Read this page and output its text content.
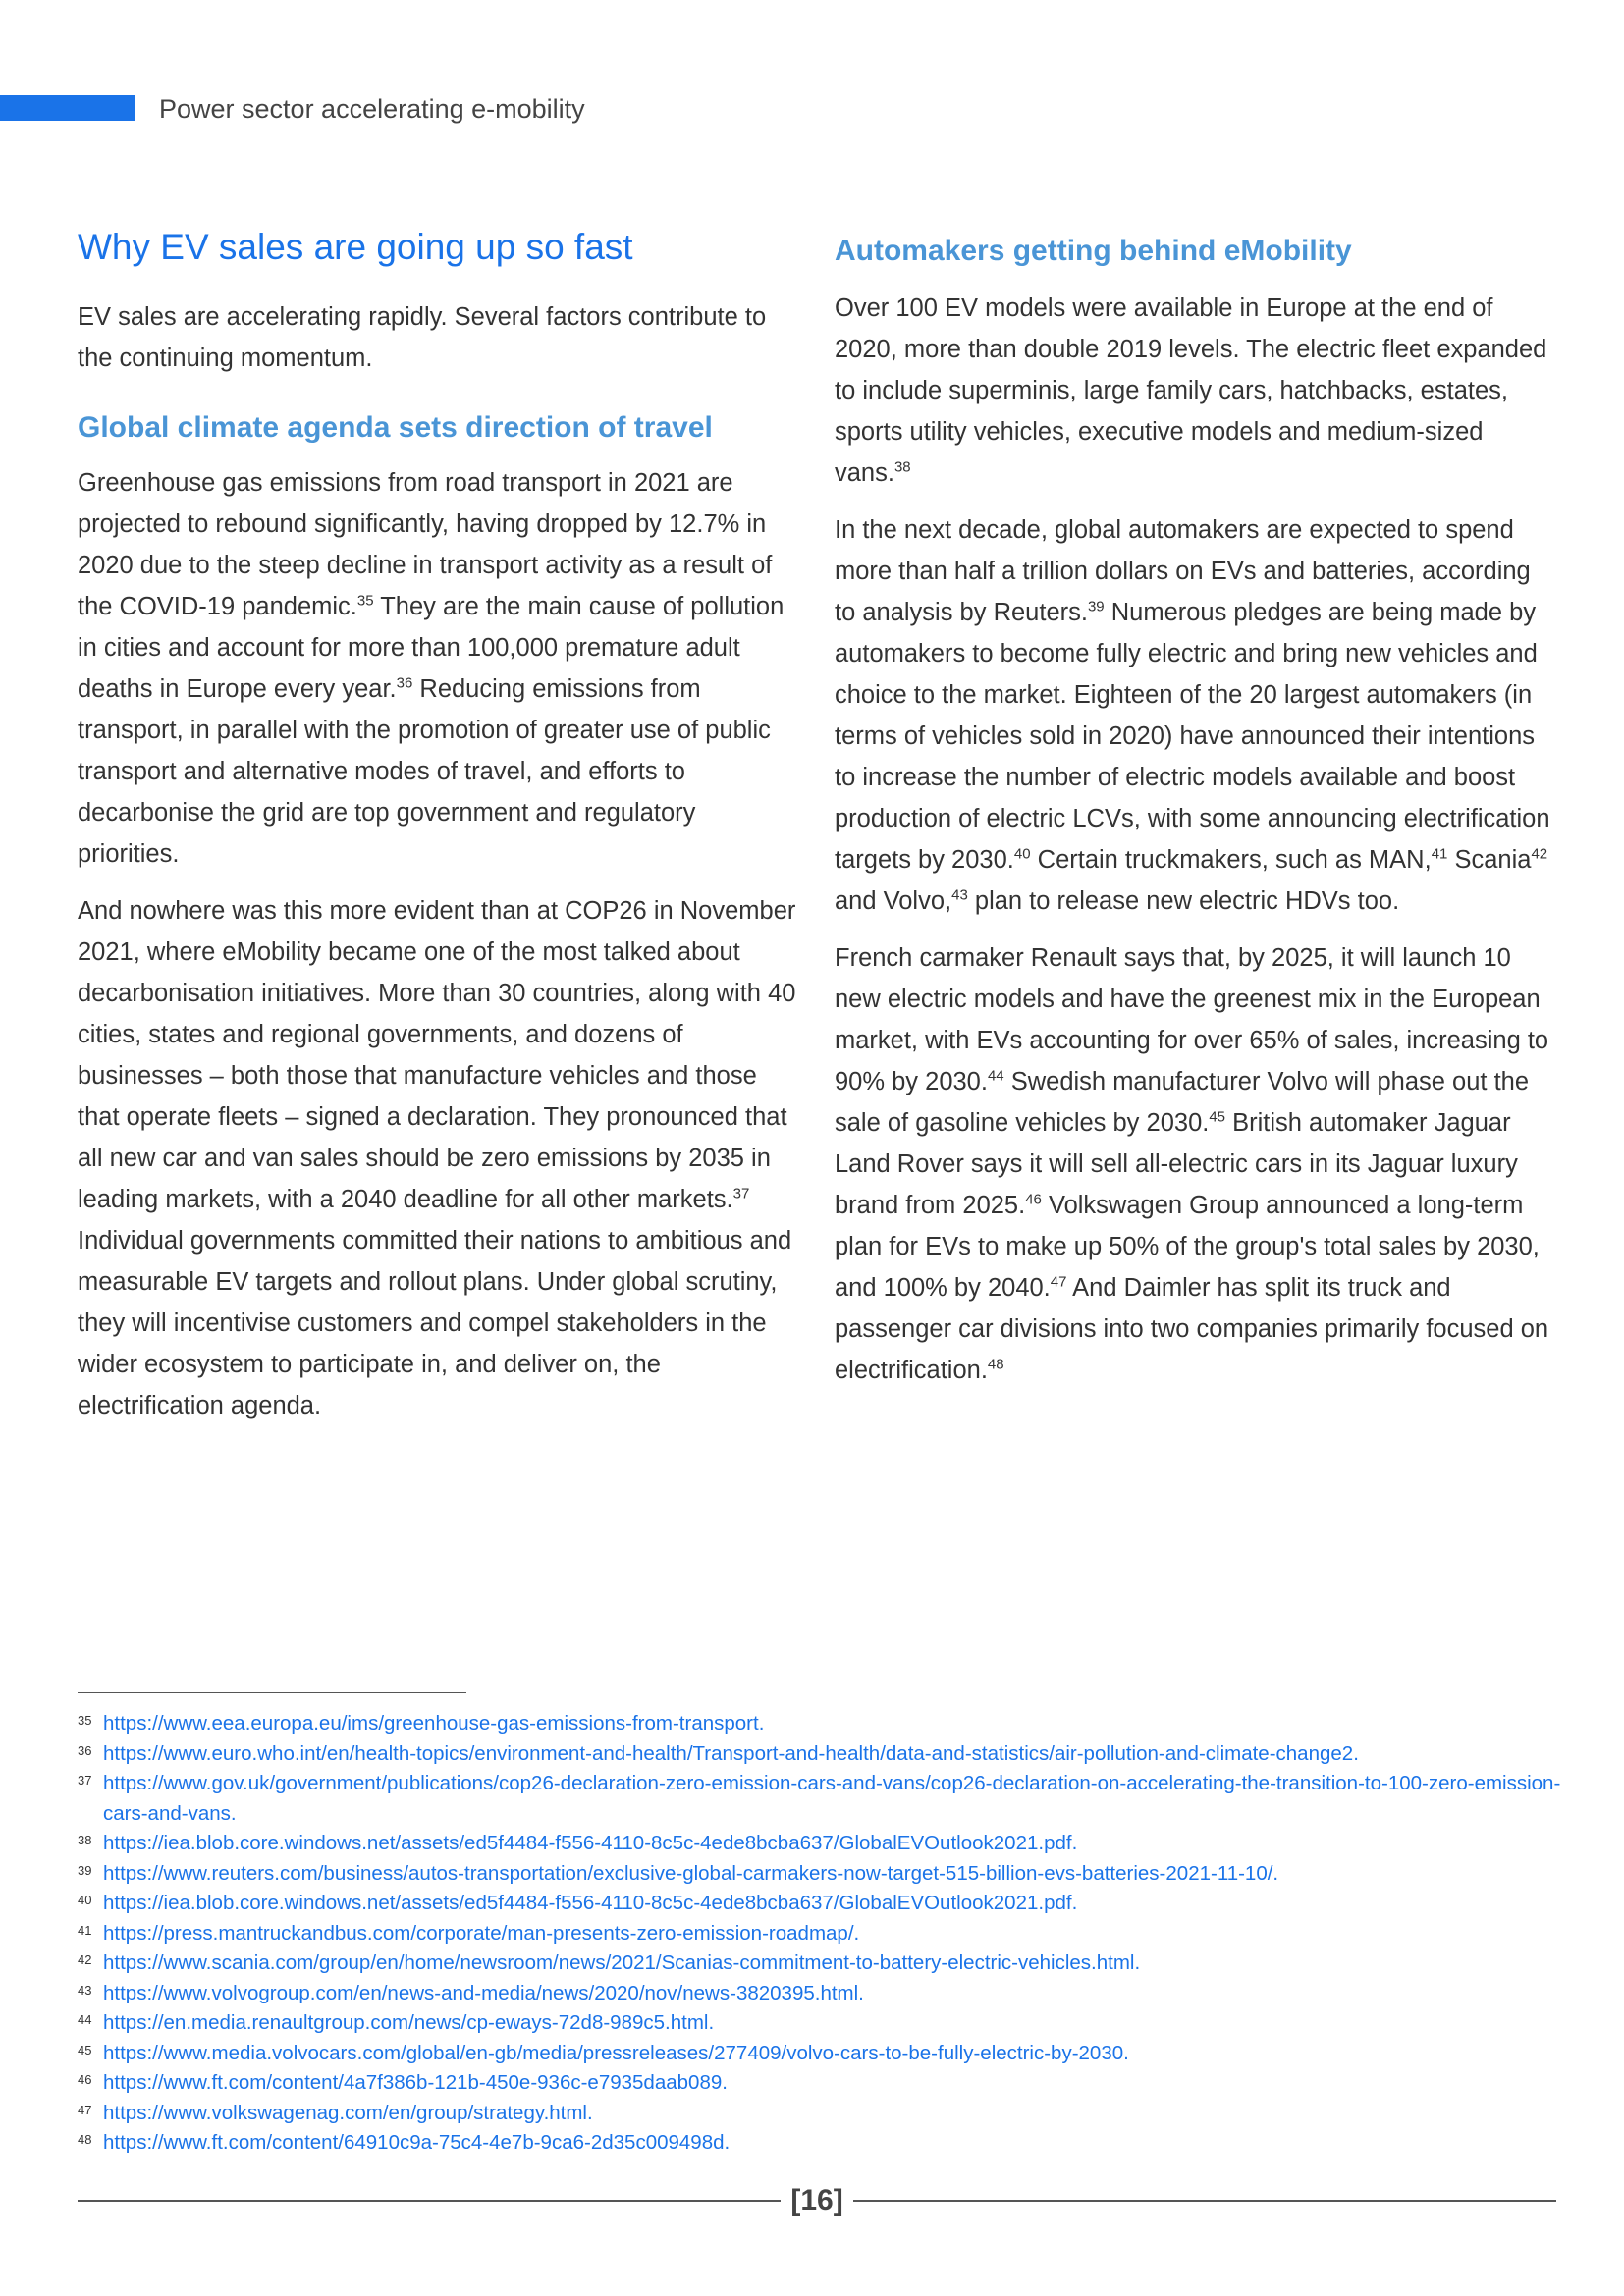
Power sector accelerating e-mobility
Why EV sales are going up so fast

EV sales are accelerating rapidly. Several factors contribute to the continuing momentum.

Global climate agenda sets direction of travel

Greenhouse gas emissions from road transport in 2021 are projected to rebound significantly, having dropped by 12.7% in 2020 due to the steep decline in transport activity as a result of the COVID-19 pandemic.$^{35}$ They are the main cause of pollution in cities and account for more than 100,000 premature adult deaths in Europe every year.$^{36}$ Reducing emissions from transport, in parallel with the promotion of greater use of public transport and alternative modes of travel, and efforts to decarbonise the grid are top government and regulatory priorities.

And nowhere was this more evident than at COP26 in November 2021, where eMobility became one of the most talked about decarbonisation initiatives. More than 30 countries, along with 40 cities, states and regional governments, and dozens of businesses – both those that manufacture vehicles and those that operate fleets – signed a declaration. They pronounced that all new car and van sales should be zero emissions by 2035 in leading markets, with a 2040 deadline for all other markets.$^{37}$ Individual governments committed their nations to ambitious and measurable EV targets and rollout plans. Under global scrutiny, they will incentivise customers and compel stakeholders in the wider ecosystem to participate in, and deliver on, the electrification agenda.

Automakers getting behind eMobility

Over 100 EV models were available in Europe at the end of 2020, more than double 2019 levels. The electric fleet expanded to include superminis, large family cars, hatchbacks, estates, sports utility vehicles, executive models and medium-sized vans.$^{38}$

In the next decade, global automakers are expected to spend more than half a trillion dollars on EVs and batteries, according to analysis by Reuters.$^{39}$ Numerous pledges are being made by automakers to become fully electric and bring new vehicles and choice to the market. Eighteen of the 20 largest automakers (in terms of vehicles sold in 2020) have announced their intentions to increase the number of electric models available and boost production of electric LCVs, with some announcing electrification targets by 2030.40 Certain truckmakers, such as MAN,$^{41}$ Scania$^{42}$ and Volvo,$^{43}$ plan to release new electric HDVs too.

French carmaker Renault says that, by 2025, it will launch 10 new electric models and have the greenest mix in the European market, with EVs accounting for over 65% of sales, increasing to 90% by 2030.44 Swedish manufacturer Volvo will phase out the sale of gasoline vehicles by 2030.45 British automaker Jaguar Land Rover says it will sell all-electric cars in its Jaguar luxury brand from 2025.46 Volkswagen Group announced a long-term plan for EVs to make up 50% of the group's total sales by 2030, and 100% by 2040.47 And Daimler has split its truck and passenger car divisions into two companies primarily focused on electrification.$^{48}$

35 https://www.eea.europa.eu/ims/greenhouse-gas-emissions-from-transport.
36 https://www.euro.who.int/en/health-topics/environment-and-health/Transport-and-health/data-and-statistics/air-pollution-and-climate-change2.
37 https://www.gov.uk/government/publications/cop26-declaration-zero-emission-cars-and-vans/cop26-declaration-on-accelerating-the-transition-to-100-zero-emission-cars-and-vans.
38 https://iea.blob.core.windows.net/assets/ed5f4484-f556-4110-8c5c-4ede8bcba637/GlobalEVOutlook2021.pdf.
39 https://www.reuters.com/business/autos-transportation/exclusive-global-carmakers-now-target-515-billion-evs-batteries-2021-11-10/.
40 https://iea.blob.core.windows.net/assets/ed5f4484-f556-4110-8c5c-4ede8bcba637/GlobalEVOutlook2021.pdf.
41 https://press.mantruckandbus.com/corporate/man-presents-zero-emission-roadmap/.
42 https://www.scania.com/group/en/home/newsroom/news/2021/Scanias-commitment-to-battery-electric-vehicles.html.
43 https://www.volvogroup.com/en/news-and-media/news/2020/nov/news-3820395.html.
44 https://en.media.renaultgroup.com/news/cp-eways-72d8-989c5.html.
45 https://www.media.volvocars.com/global/en-gb/media/pressreleases/277409/volvo-cars-to-be-fully-electric-by-2030.
46 https://www.ft.com/content/4a7f386b-121b-450e-936c-e7935daab089.
47 https://www.volkswagenag.com/en/group/strategy.html.
48 https://www.ft.com/content/64910c9a-75c4-4e7b-9ca6-2d35c009498d.
[16]
